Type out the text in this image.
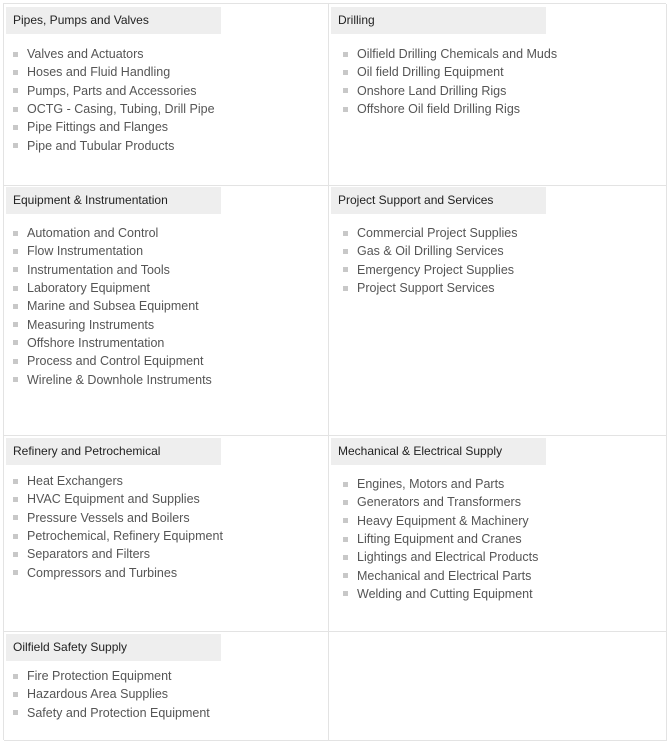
Pipes, Pumps and Valves
Valves and Actuators
Hoses and Fluid Handling
Pumps, Parts and Accessories
OCTG - Casing, Tubing, Drill Pipe
Pipe Fittings and Flanges
Pipe and Tubular Products
Drilling
Oilfield Drilling Chemicals and Muds
Oil field Drilling Equipment
Onshore Land Drilling Rigs
Offshore Oil field Drilling Rigs
Equipment & Instrumentation
Automation and Control
Flow Instrumentation
Instrumentation and Tools
Laboratory Equipment
Marine and Subsea Equipment
Measuring Instruments
Offshore Instrumentation
Process and Control Equipment
Wireline & Downhole Instruments
Project Support and Services
Commercial Project Supplies
Gas & Oil Drilling Services
Emergency Project Supplies
Project Support Services
Refinery and Petrochemical
Heat Exchangers
HVAC Equipment and Supplies
Pressure Vessels and Boilers
Petrochemical, Refinery Equipment
Separators and Filters
Compressors and Turbines
Mechanical & Electrical Supply
Engines, Motors and Parts
Generators and Transformers
Heavy Equipment & Machinery
Lifting Equipment and Cranes
Lightings and Electrical Products
Mechanical and Electrical Parts
Welding and Cutting Equipment
Oilfield Safety Supply
Fire Protection Equipment
Hazardous Area Supplies
Safety and Protection Equipment
